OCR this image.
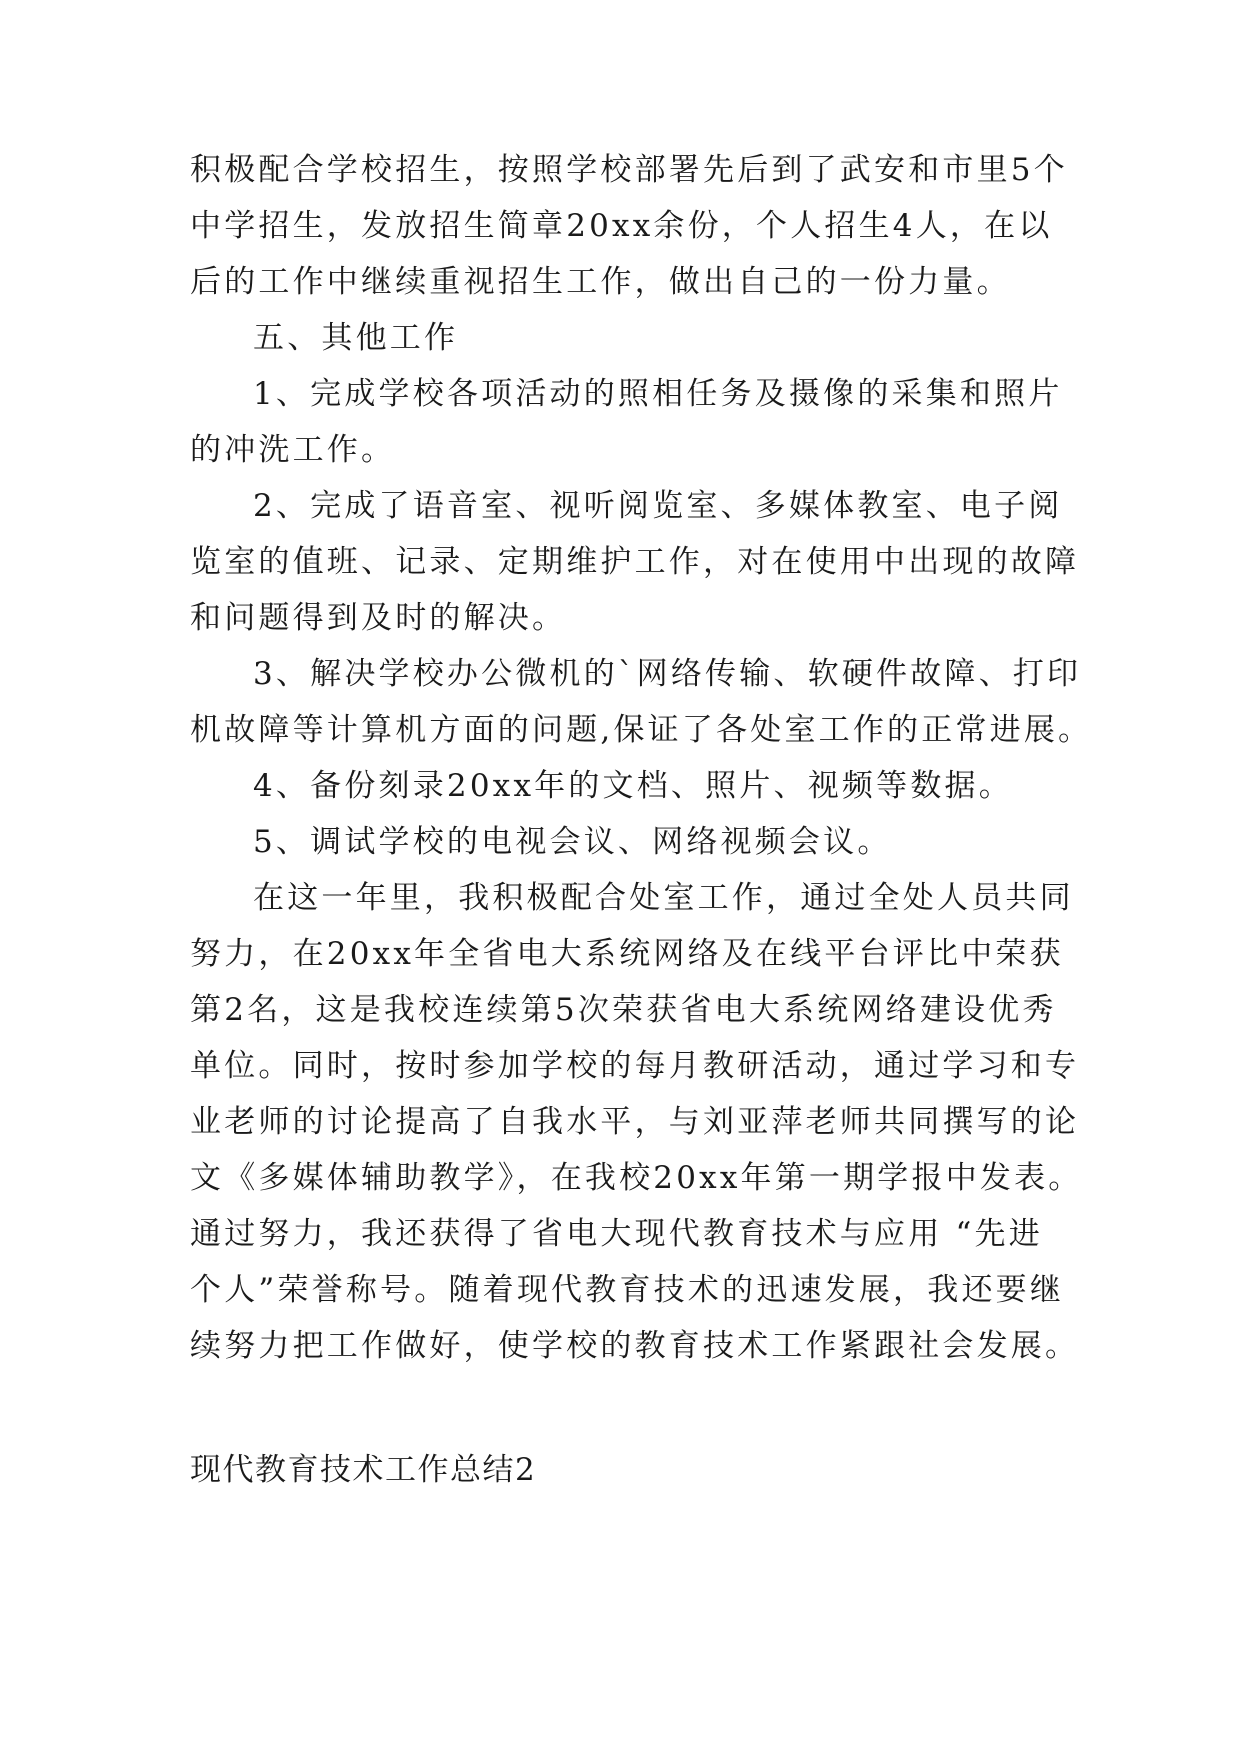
积极配合学校招生，按照学校部署先后到了武安和市里5个
中学招生，发放招生简章20xx余份，个人招生4人，在以
后的工作中继续重视招生工作，做出自己的一份力量。
五、其他工作
1、完成学校各项活动的照相任务及摄像的采集和照片
的冲洗工作。
2、完成了语音室、视听阅览室、多媒体教室、电子阅
览室的值班、记录、定期维护工作，对在使用中出现的故障
和问题得到及时的解决。
3、解决学校办公微机的`网络传输、软硬件故障、打印
机故障等计算机方面的问题,保证了各处室工作的正常进展。
4、备份刻录20xx年的文档、照片、视频等数据。
5、调试学校的电视会议、网络视频会议。
在这一年里，我积极配合处室工作，通过全处人员共同
努力，在20xx年全省电大系统网络及在线平台评比中荣获
第2名，这是我校连续第5次荣获省电大系统网络建设优秀
单位。同时，按时参加学校的每月教研活动，通过学习和专
业老师的讨论提高了自我水平，与刘亚萍老师共同撰写的论
文《多媒体辅助教学》，在我校20xx年第一期学报中发表。
通过努力，我还获得了省电大现代教育技术与应用 “先进
个人”荣誉称号。随着现代教育技术的迅速发展，我还要继
续努力把工作做好，使学校的教育技术工作紧跟社会发展。
现代教育技术工作总结2
